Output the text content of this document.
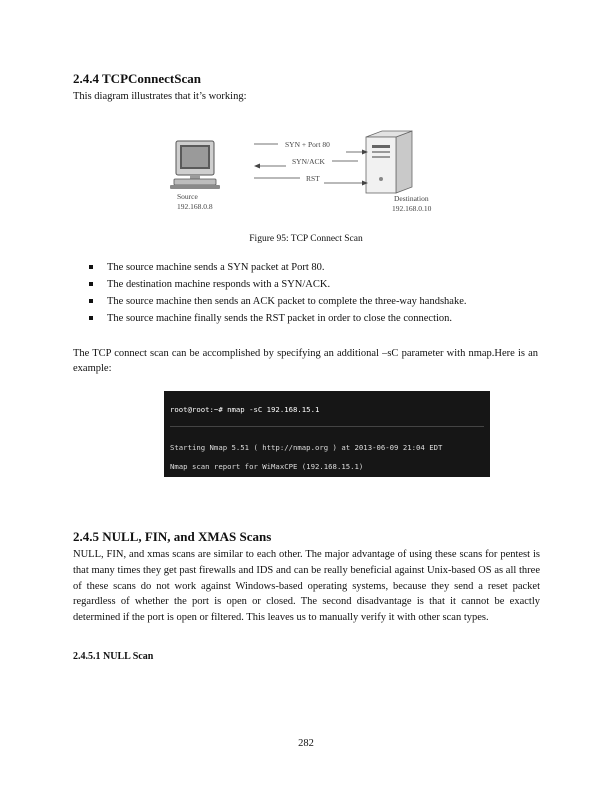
2.4.4 TCPConnectScan

This diagram illustrates that it’s working:

Source
192.168.0.8
Destination
192.168.0.10
SYN + Port 80
SYN/ACK
RST

Figure 95: TCP Connect Scan

The source machine sends a SYN packet at Port 80.
The destination machine responds with a SYN/ACK.
The source machine then sends an ACK packet to complete the three-way handshake.
The source machine finally sends the RST packet in order to close the connection.

The TCP connect scan can be accomplished by specifying an additional –sC parameter with nmap.Here is an example:

root@root:~# nmap -sC 192.168.15.1

Starting Nmap 5.51 ( http://nmap.org ) at 2013-06-09 21:04 EDT

Nmap scan report for WiMaxCPE (192.168.15.1)

2.4.5 NULL, FIN, and XMAS Scans

NULL, FIN, and xmas scans are similar to each other. The major advantage of using these scans for pentest is that many times they get past firewalls and IDS and can be really beneficial against Unix-based OS as all three of these scans do not work against Windows-based operating systems, because they send a reset packet regardless of whether the port is open or closed. The second disadvantage is that it cannot be exactly determined if the port is open or filtered. This leaves us to manually verify it with other scan types.

2.4.5.1 NULL Scan

282
